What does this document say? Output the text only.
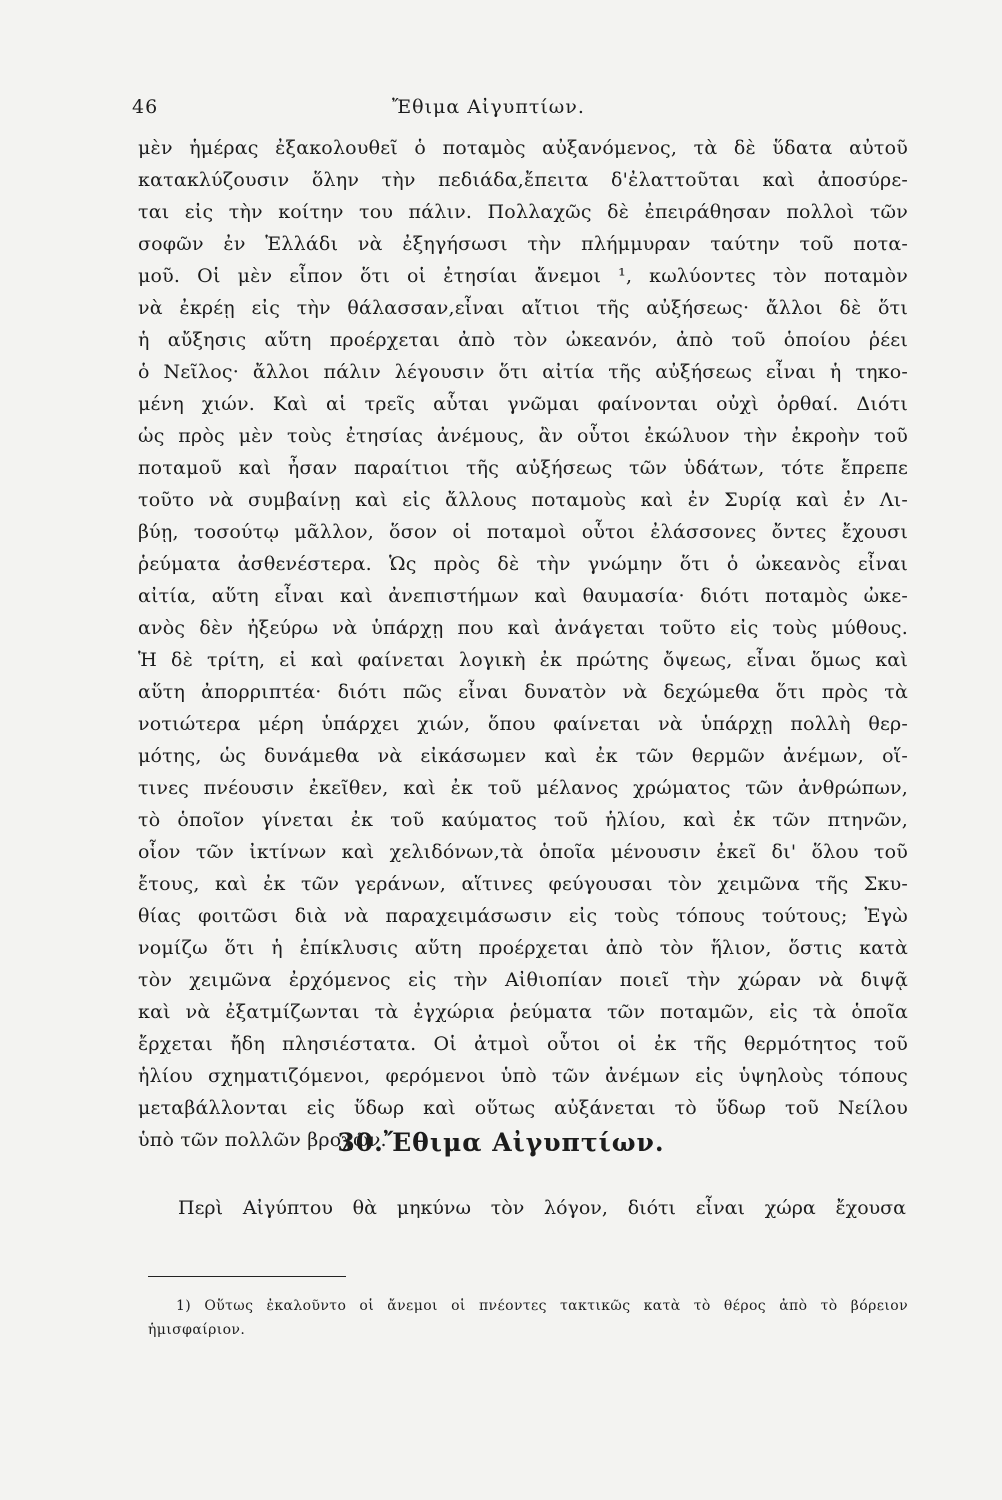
46	Ἔθιμα Αἰγυπτίων.
μὲν ἡμέρας ἐξακολουθεῖ ὁ ποταμὸς αὐξανόμενος, τὰ δὲ ὕδατα αὐτοῦ
κατακλύζουσιν ὅλην τὴν πεδιάδα,ἔπειτα δ'ἐλαττοῦται καὶ ἀποσύρε-
ται εἰς τὴν κοίτην του πάλιν. Πολλαχῶς δὲ ἐπειράθησαν πολλοὶ τῶν
σοφῶν ἐν Ἑλλάδι νὰ ἐξηγήσωσι τὴν πλήμμυραν ταύτην τοῦ ποτα-
μοῦ. Οἱ μὲν εἶπον ὅτι οἱ ἐτησίαι ἄνεμοι ¹, κωλύοντες τὸν ποταμὸν
νὰ ἐκρέῃ εἰς τὴν θάλασσαν,εἶναι αἴτιοι τῆς αὐξήσεως· ἄλλοι δὲ ὅτι
ἡ αὔξησις αὕτη προέρχεται ἀπὸ τὸν ὠκεανόν, ἀπὸ τοῦ ὁποίου ῥέει
ὁ Νεῖλος· ἄλλοι πάλιν λέγουσιν ὅτι αἰτία τῆς αὐξήσεως εἶναι ἡ τηκο-
μένη χιών. Καὶ αἱ τρεῖς αὗται γνῶμαι φαίνονται οὐχὶ ὀρθαί. Διότι
ὡς πρὸς μὲν τοὺς ἐτησίας ἀνέμους, ἂν οὗτοι ἐκώλυον τὴν ἐκροὴν τοῦ
ποταμοῦ καὶ ἦσαν παραίτιοι τῆς αὐξήσεως τῶν ὑδάτων, τότε ἔπρεπε
τοῦτο νὰ συμβαίνῃ καὶ εἰς ἄλλους ποταμοὺς καὶ ἐν Συρίᾳ καὶ ἐν Λι-
βύῃ, τοσούτῳ μᾶλλον, ὅσον οἱ ποταμοὶ οὗτοι ἐλάσσονες ὄντες ἔχουσι
ῥεύματα ἀσθενέστερα. Ὡς πρὸς δὲ τὴν γνώμην ὅτι ὁ ὠκεανὸς εἶναι
αἰτία, αὕτη εἶναι καὶ ἀνεπιστήμων καὶ θαυμασία· διότι ποταμὸς ὠκε-
ανὸς δὲν ἠξεύρω νὰ ὑπάρχῃ που καὶ ἀνάγεται τοῦτο εἰς τοὺς μύθους.
Ἡ δὲ τρίτη, εἰ καὶ φαίνεται λογικὴ ἐκ πρώτης ὄψεως, εἶναι ὅμως καὶ
αὕτη ἀπορριπτέα· διότι πῶς εἶναι δυνατὸν νὰ δεχώμεθα ὅτι πρὸς τὰ
νοτιώτερα μέρη ὑπάρχει χιών, ὅπου φαίνεται νὰ ὑπάρχῃ πολλὴ θερ-
μότης, ὡς δυνάμεθα νὰ εἰκάσωμεν καὶ ἐκ τῶν θερμῶν ἀνέμων, οἵ-
τινες πνέουσιν ἐκεῖθεν, καὶ ἐκ τοῦ μέλανος χρώματος τῶν ἀνθρώπων,
τὸ ὁποῖον γίνεται ἐκ τοῦ καύματος τοῦ ἡλίου, καὶ ἐκ τῶν πτηνῶν,
οἷον τῶν ἰκτίνων καὶ χελιδόνων,τὰ ὁποῖα μένουσιν ἐκεῖ δι' ὅλου τοῦ
ἔτους, καὶ ἐκ τῶν γεράνων, αἵτινες φεύγουσαι τὸν χειμῶνα τῆς Σκυ-
θίας φοιτῶσι διὰ νὰ παραχειμάσωσιν εἰς τοὺς τόπους τούτους; Ἐγὼ
νομίζω ὅτι ἡ ἐπίκλυσις αὕτη προέρχεται ἀπὸ τὸν ἥλιον, ὅστις κατὰ
τὸν χειμῶνα ἐρχόμενος εἰς τὴν Αἰθιοπίαν ποιεῖ τὴν χώραν νὰ διψᾷ
καὶ νὰ ἐξατμίζωνται τὰ ἐγχώρια ῥεύματα τῶν ποταμῶν, εἰς τὰ ὁποῖα
ἔρχεται ἤδη πλησιέστατα. Οἱ ἀτμοὶ οὗτοι οἱ ἐκ τῆς θερμότητος τοῦ
ἡλίου σχηματιζόμενοι, φερόμενοι ὑπὸ τῶν ἀνέμων εἰς ὑψηλοὺς τόπους
μεταβάλλονται εἰς ὕδωρ καὶ οὕτως αὐξάνεται τὸ ὕδωρ τοῦ Νείλου
ὑπὸ τῶν πολλῶν βροχῶν.
30.Ἔθιμα Αἰγυπτίων.
Περὶ Αἰγύπτου θὰ μηκύνω τὸν λόγον, διότι εἶναι χώρα ἔχουσα
1) Οὕτως ἐκαλοῦντο οἱ ἄνεμοι οἱ πνέοντες τακτικῶς κατὰ τὸ θέρος ἀπὸ τὸ βόρειον
ἡμισφαίριον.
